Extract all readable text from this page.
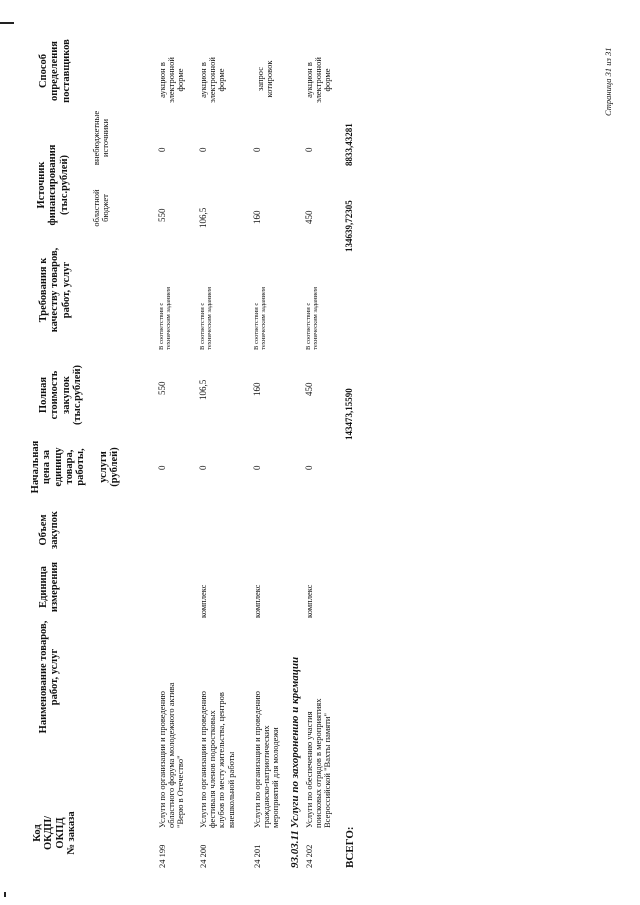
Страница 31 из 31
Код
ОКДП/
ОКПД
№ заказа
Наименование товаров,
работ, услуг
Единица
измерения
Объем
закупок
Начальная
цена за
единицу
товара,
работы,

услуги
(рублей)
Полная
стоимость
закупок
(тыс.рублей)
Требования к
качеству товаров,
работ, услуг
Источник
финансирования
(тыс.рублей)	областной
бюджет
внебюджетные
источники
Способ
определения
поставщиков
24 199
Услуги по организации и проведению
областного форума молодежного актива
"Верю в Отечество"
0
550
В соответствии с
техническим заданием
550
0
аукцион в
электронной
форме
24 200
Услуги по организации и проведению
фестиваля членов подростковых
клубов по месту жительства, центров
внешкольной работы
комплекс
0
106,5
В соответствии с
техническим заданием
106,5
0
аукцион в
электронной
форме
24 201
Услуги по организации и проведению
гражданско-патриотических
мероприятий для молодежи
комплекс
0
160
В соответствии с
техническим заданием
160
0
запрос
котировок
93.03.11
Услуги по захоронению и кремации
24 202
Услуги по обеспечению участия
поисковых отрядов в мероприятиях
Всероссийской "Вахты памяти"
комплекс
0
450
В соответствии с
техническим заданием
450
0
аукцион в
электронной
форме
ВСЕГО:
143473,15590
134639,72305
8833,43281
